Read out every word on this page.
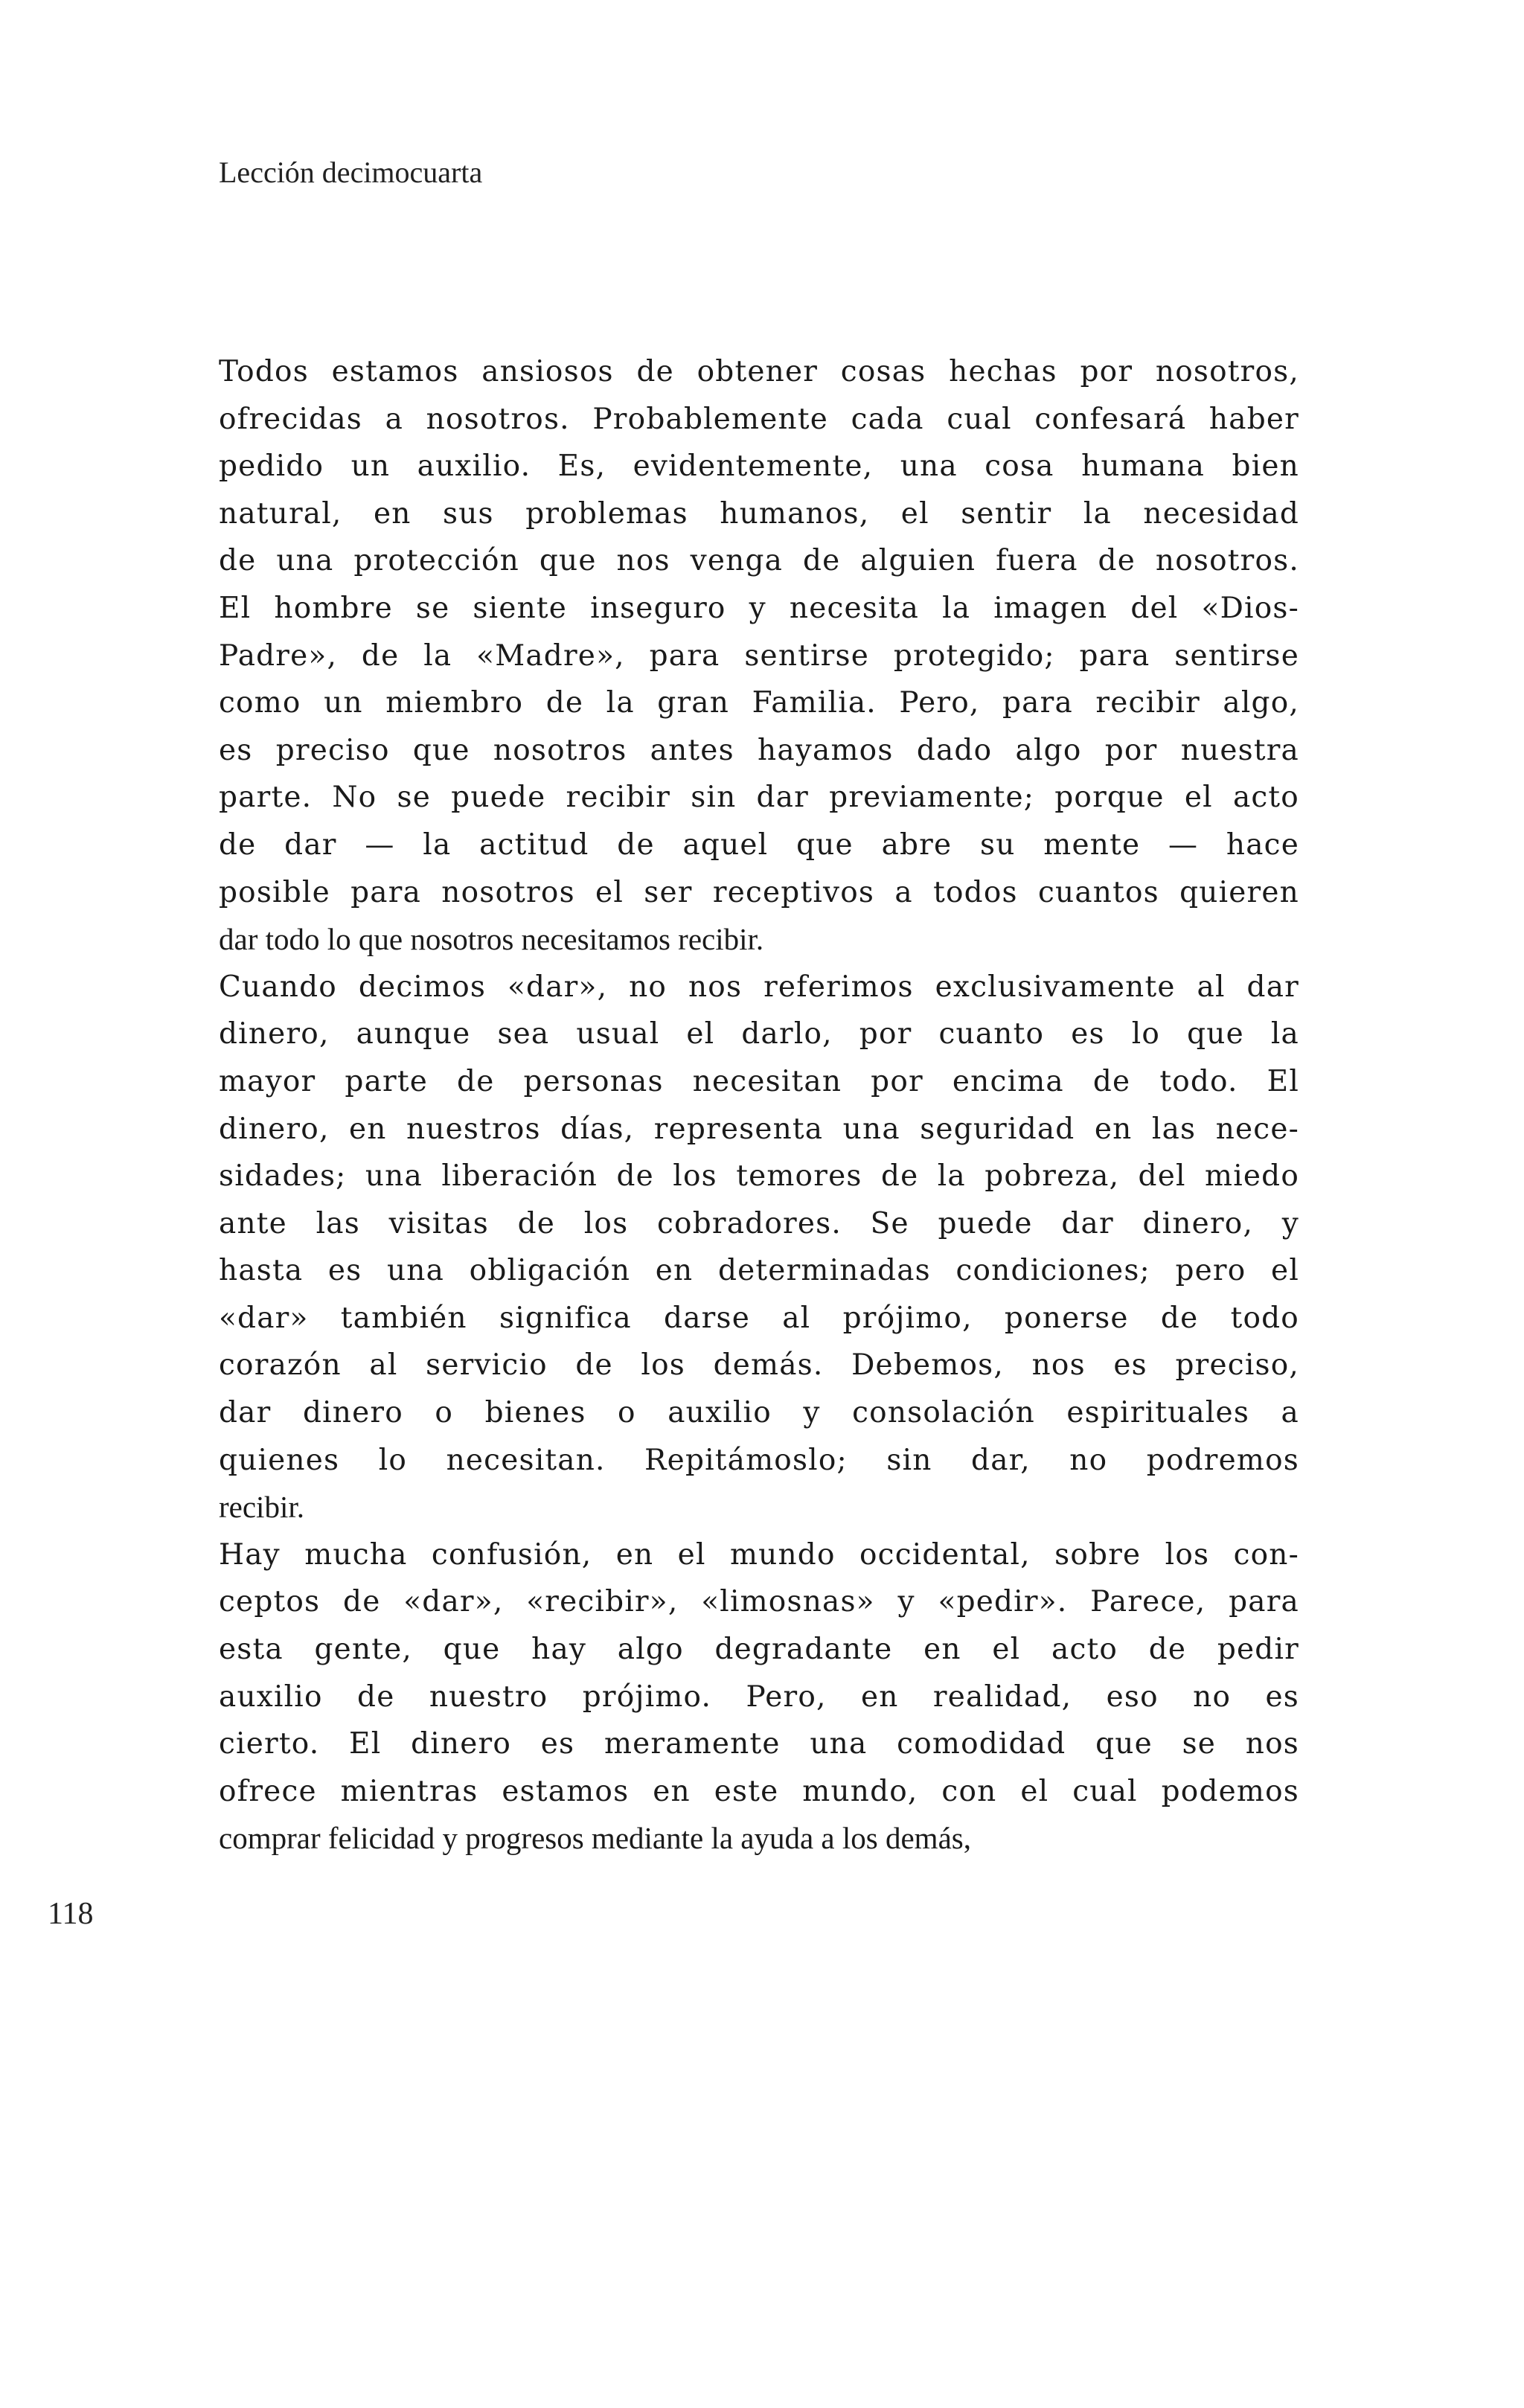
Lección decimocuarta
Todos estamos ansiosos de obtener cosas hechas por nosotros,
ofrecidas a nosotros. Probablemente cada cual confesará haber
pedido un auxilio. Es, evidentemente, una cosa humana bien
natural, en sus problemas humanos, el sentir la necesidad
de una protección que nos venga de alguien fuera de nosotros.
El hombre se siente inseguro y necesita la imagen del «Dios-
Padre», de la «Madre», para sentirse protegido; para sentirse
como un miembro de la gran Familia. Pero, para recibir algo,
es preciso que nosotros antes hayamos dado algo por nuestra
parte. No se puede recibir sin dar previamente; porque el acto
de dar — la actitud de aquel que abre su mente — hace
posible para nosotros el ser receptivos a todos cuantos quieren
dar todo lo que nosotros necesitamos recibir.
Cuando decimos «dar», no nos referimos exclusivamente al dar
dinero, aunque sea usual el darlo, por cuanto es lo que la
mayor parte de personas necesitan por encima de todo. El
dinero, en nuestros días, representa una seguridad en las nece-
sidades; una liberación de los temores de la pobreza, del miedo
ante las visitas de los cobradores. Se puede dar dinero, y
hasta es una obligación en determinadas condiciones; pero el
«dar» también significa darse al prójimo, ponerse de todo
corazón al servicio de los demás. Debemos, nos es preciso,
dar dinero o bienes o auxilio y consolación espirituales a
quienes lo necesitan. Repitámoslo; sin dar, no podremos
recibir.
Hay mucha confusión, en el mundo occidental, sobre los con-
ceptos de «dar», «recibir», «limosnas» y «pedir». Parece, para
esta gente, que hay algo degradante en el acto de pedir
auxilio de nuestro prójimo. Pero, en realidad, eso no es
cierto. El dinero es meramente una comodidad que se nos
ofrece mientras estamos en este mundo, con el cual podemos
comprar felicidad y progresos mediante la ayuda a los demás,
118
